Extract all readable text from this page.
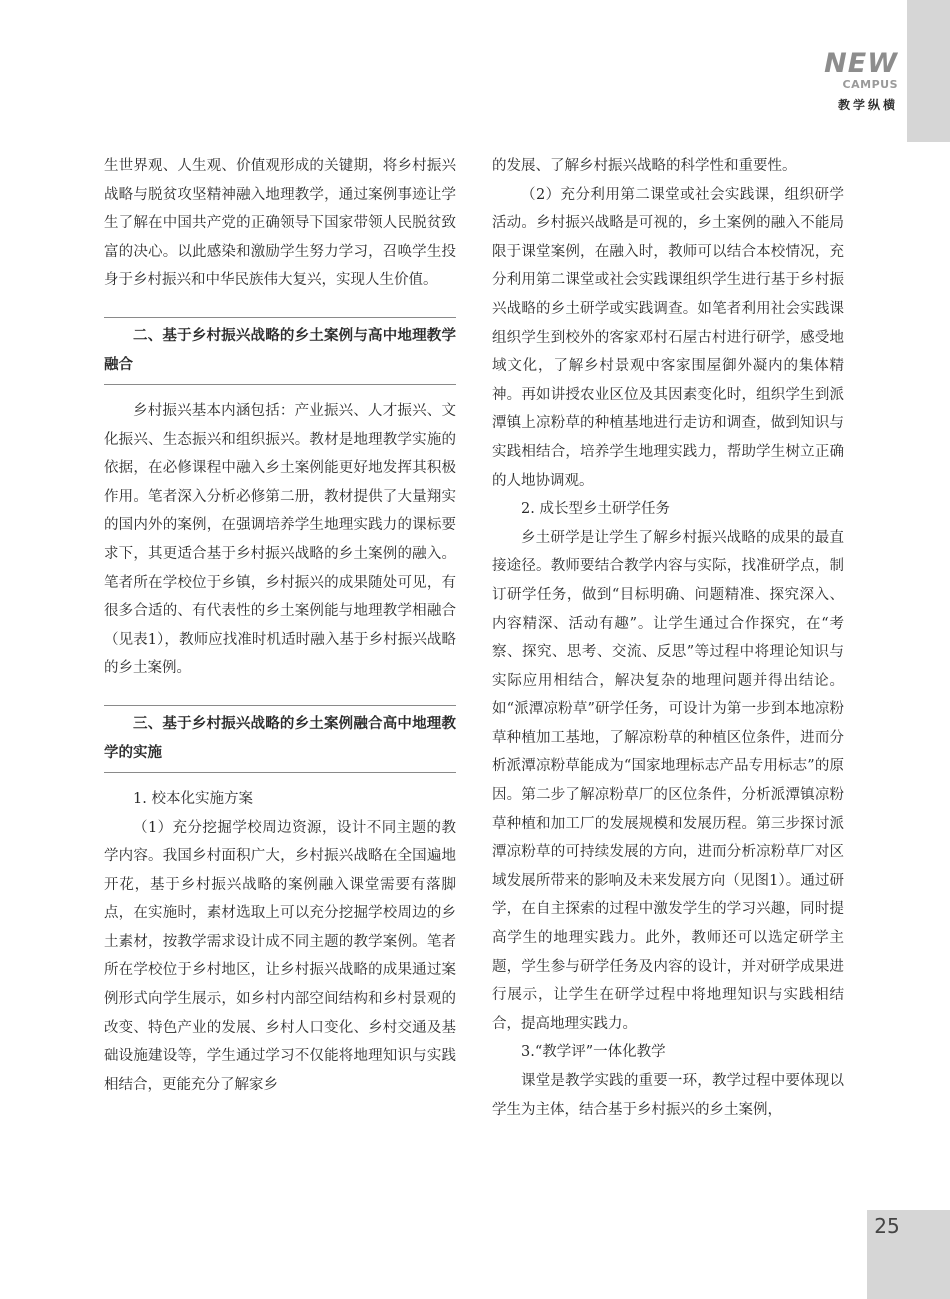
NEW
CAMPUS
教学纵横

生世界观、人生观、价值观形成的关键期，将乡村振兴战略与脱贫攻坚精神融入地理教学，通过案例事迹让学生了解在中国共产党的正确领导下国家带领人民脱贫致富的决心。以此感染和激励学生努力学习，召唤学生投身于乡村振兴和中华民族伟大复兴，实现人生价值。

二、基于乡村振兴战略的乡土案例与高中地理教学融合

乡村振兴基本内涵包括：产业振兴、人才振兴、文化振兴、生态振兴和组织振兴。教材是地理教学实施的依据，在必修课程中融入乡土案例能更好地发挥其积极作用。笔者深入分析必修第二册，教材提供了大量翔实的国内外的案例，在强调培养学生地理实践力的课标要求下，其更适合基于乡村振兴战略的乡土案例的融入。笔者所在学校位于乡镇，乡村振兴的成果随处可见，有很多合适的、有代表性的乡土案例能与地理教学相融合（见表1），教师应找准时机适时融入基于乡村振兴战略的乡土案例。

三、基于乡村振兴战略的乡土案例融合高中地理教学的实施

1. 校本化实施方案

（1）充分挖掘学校周边资源，设计不同主题的教学内容。我国乡村面积广大，乡村振兴战略在全国遍地开花，基于乡村振兴战略的案例融入课堂需要有落脚点，在实施时，素材选取上可以充分挖掘学校周边的乡土素材，按教学需求设计成不同主题的教学案例。笔者所在学校位于乡村地区，让乡村振兴战略的成果通过案例形式向学生展示，如乡村内部空间结构和乡村景观的改变、特色产业的发展、乡村人口变化、乡村交通及基础设施建设等，学生通过学习不仅能将地理知识与实践相结合，更能充分了解家乡

的发展、了解乡村振兴战略的科学性和重要性。

（2）充分利用第二课堂或社会实践课，组织研学活动。乡村振兴战略是可视的，乡土案例的融入不能局限于课堂案例，在融入时，教师可以结合本校情况，充分利用第二课堂或社会实践课组织学生进行基于乡村振兴战略的乡土研学或实践调查。如笔者利用社会实践课组织学生到校外的客家邓村石屋古村进行研学，感受地域文化，了解乡村景观中客家围屋御外凝内的集体精神。再如讲授农业区位及其因素变化时，组织学生到派潭镇上凉粉草的种植基地进行走访和调查，做到知识与实践相结合，培养学生地理实践力，帮助学生树立正确的人地协调观。

2. 成长型乡土研学任务

乡土研学是让学生了解乡村振兴战略的成果的最直接途径。教师要结合教学内容与实际，找准研学点，制订研学任务，做到“目标明确、问题精准、探究深入、内容精深、活动有趣”。让学生通过合作探究，在“考察、探究、思考、交流、反思”等过程中将理论知识与实际应用相结合，解决复杂的地理问题并得出结论。如“派潭凉粉草”研学任务，可设计为第一步到本地凉粉草种植加工基地，了解凉粉草的种植区位条件，进而分析派潭凉粉草能成为“国家地理标志产品专用标志”的原因。第二步了解凉粉草厂的区位条件，分析派潭镇凉粉草种植和加工厂的发展规模和发展历程。第三步探讨派潭凉粉草的可持续发展的方向，进而分析凉粉草厂对区域发展所带来的影响及未来发展方向（见图1）。通过研学，在自主探索的过程中激发学生的学习兴趣，同时提高学生的地理实践力。此外，教师还可以选定研学主题，学生参与研学任务及内容的设计，并对研学成果进行展示，让学生在研学过程中将地理知识与实践相结合，提高地理实践力。

3.“教学评”一体化教学

课堂是教学实践的重要一环，教学过程中要体现以学生为主体，结合基于乡村振兴的乡土案例，

25
